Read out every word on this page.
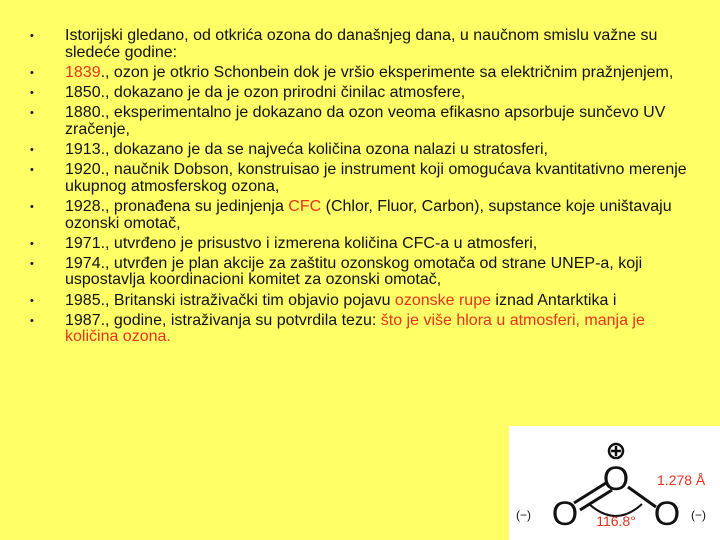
• Istorijski gledano, od otkrića ozona do današnjeg dana, u naučnom smislu važne su sledeće godine:
• 1839., ozon je otkrio Schonbein dok je vršio eksperimente sa električnim pražnjenjem,
• 1850., dokazano je da je ozon prirodni činilac atmosfere,
• 1880., eksperimentalno je dokazano da ozon veoma efikasno apsorbuje sunčevo UV zračenje,
• 1913., dokazano je da se najveća količina ozona nalazi u stratosferi,
• 1920., naučnik Dobson, konstruisao je instrument koji omogućava kvantitativno merenje ukupnog atmosferskog ozona,
• 1928., pronađena su jedinjenja CFC (Chlor, Fluor, Carbon), supstance koje uništavaju ozonski omotač,
• 1971., utvrđeno je prisustvo i izmerena količina CFC-a u atmosferi,
• 1974., utvrđen je plan akcije za zaštitu ozonskog omotača od strane UNEP-a, koji uspostavlja koordinacioni komitet za ozonski omotač,
• 1985., Britanski istraživački tim objavio pojavu ozonske rupe iznad Antarktika i
• 1987., godine, istraživanja su potvrdila tezu: što je više hlora u atmosferi, manja je količina ozona.
O
O O
(−)	(−)
1.278 Å
116.8°
